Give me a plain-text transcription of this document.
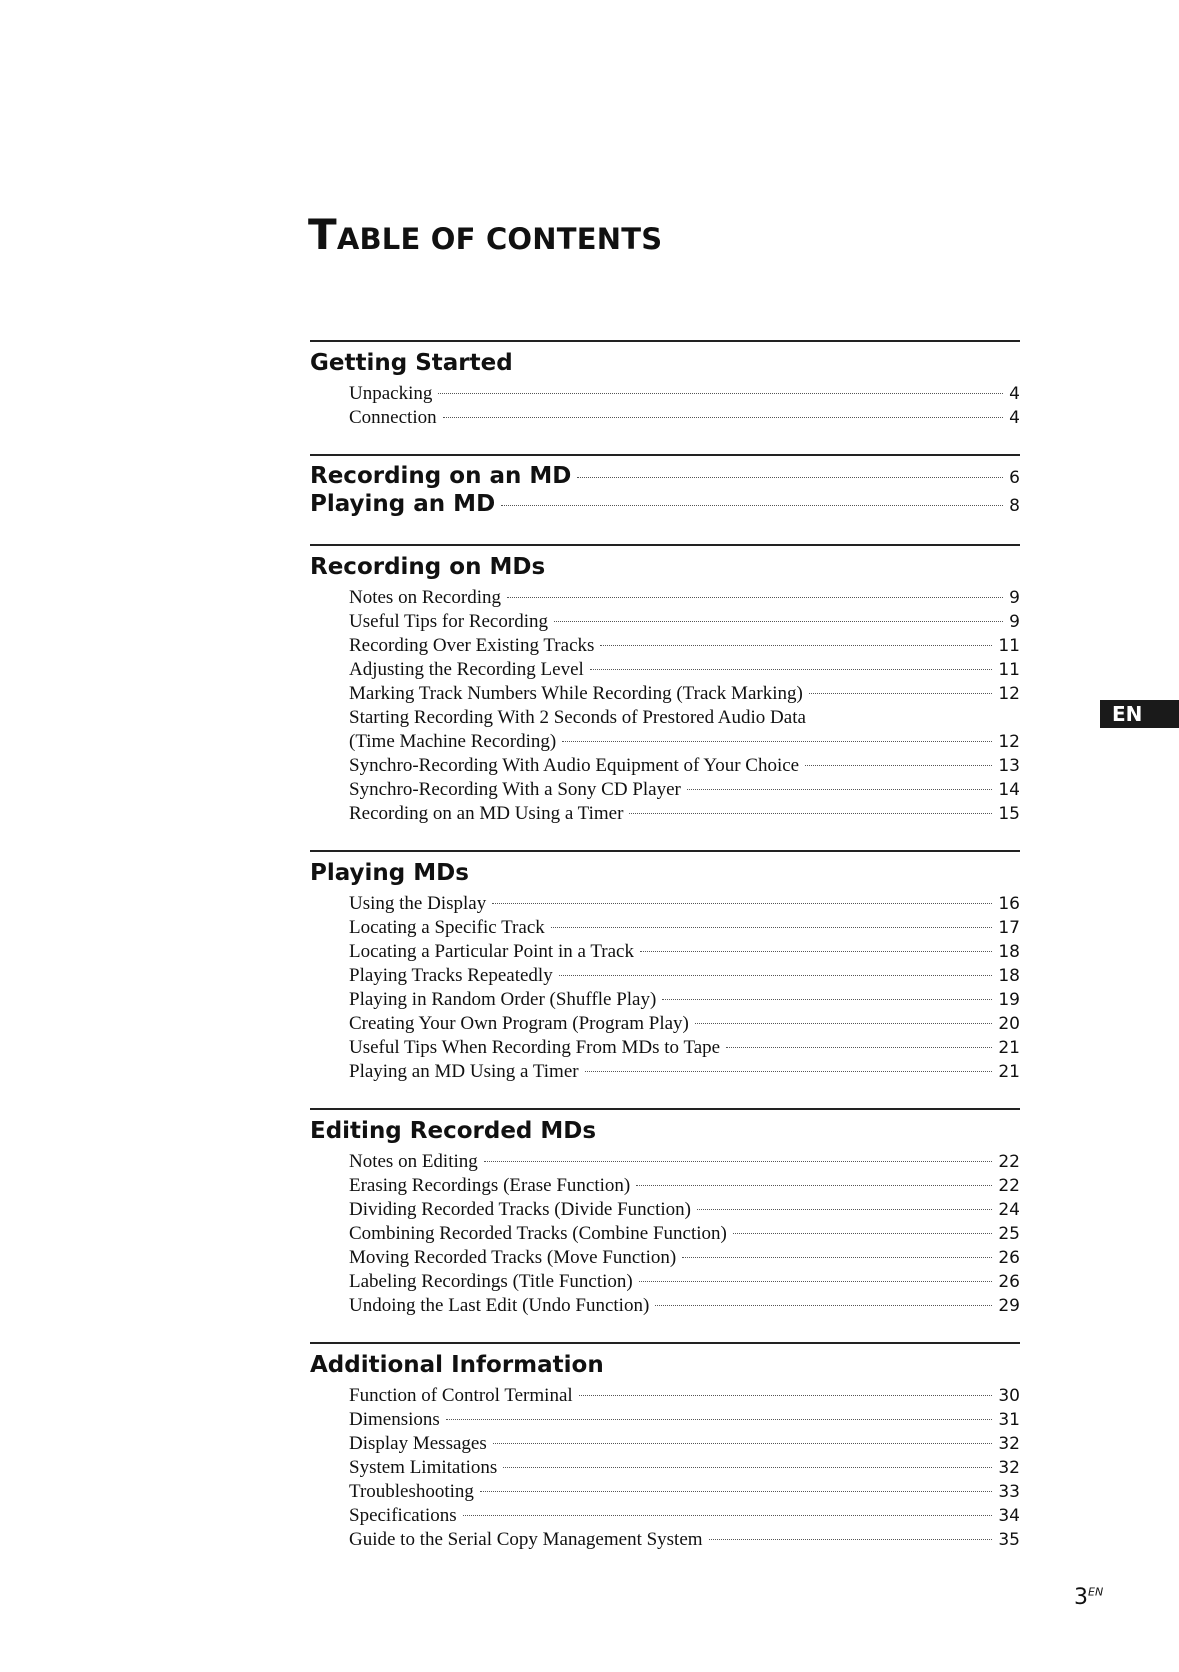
TABLE OF CONTENTS
Getting Started
Unpacking	4
Connection	4
Recording on an MD	6
Playing an MD	8
Recording on MDs
Notes on Recording	9
Useful Tips for Recording	9
Recording Over Existing Tracks	11
Adjusting the Recording Level	11
Marking Track Numbers While Recording (Track Marking)	12
Starting Recording With 2 Seconds of Prestored Audio Data
(Time Machine Recording)	12
Synchro-Recording With Audio Equipment of Your Choice	13
Synchro-Recording With a Sony CD Player	14
Recording on an MD Using a Timer	15
Playing MDs
Using the Display	16
Locating a Specific Track	17
Locating a Particular Point in a Track	18
Playing Tracks Repeatedly	18
Playing in Random Order (Shuffle Play)	19
Creating Your Own Program (Program Play)	20
Useful Tips When Recording From MDs to Tape	21
Playing an MD Using a Timer	21
Editing Recorded MDs
Notes on Editing	22
Erasing Recordings (Erase Function)	22
Dividing Recorded Tracks (Divide Function)	24
Combining Recorded Tracks (Combine Function)	25
Moving Recorded Tracks (Move Function)	26
Labeling Recordings (Title Function)	26
Undoing the Last Edit (Undo Function)	29
Additional Information
Function of Control Terminal	30
Dimensions	31
Display Messages	32
System Limitations	32
Troubleshooting	33
Specifications	34
Guide to the Serial Copy Management System	35
EN
$3^{EN}$
